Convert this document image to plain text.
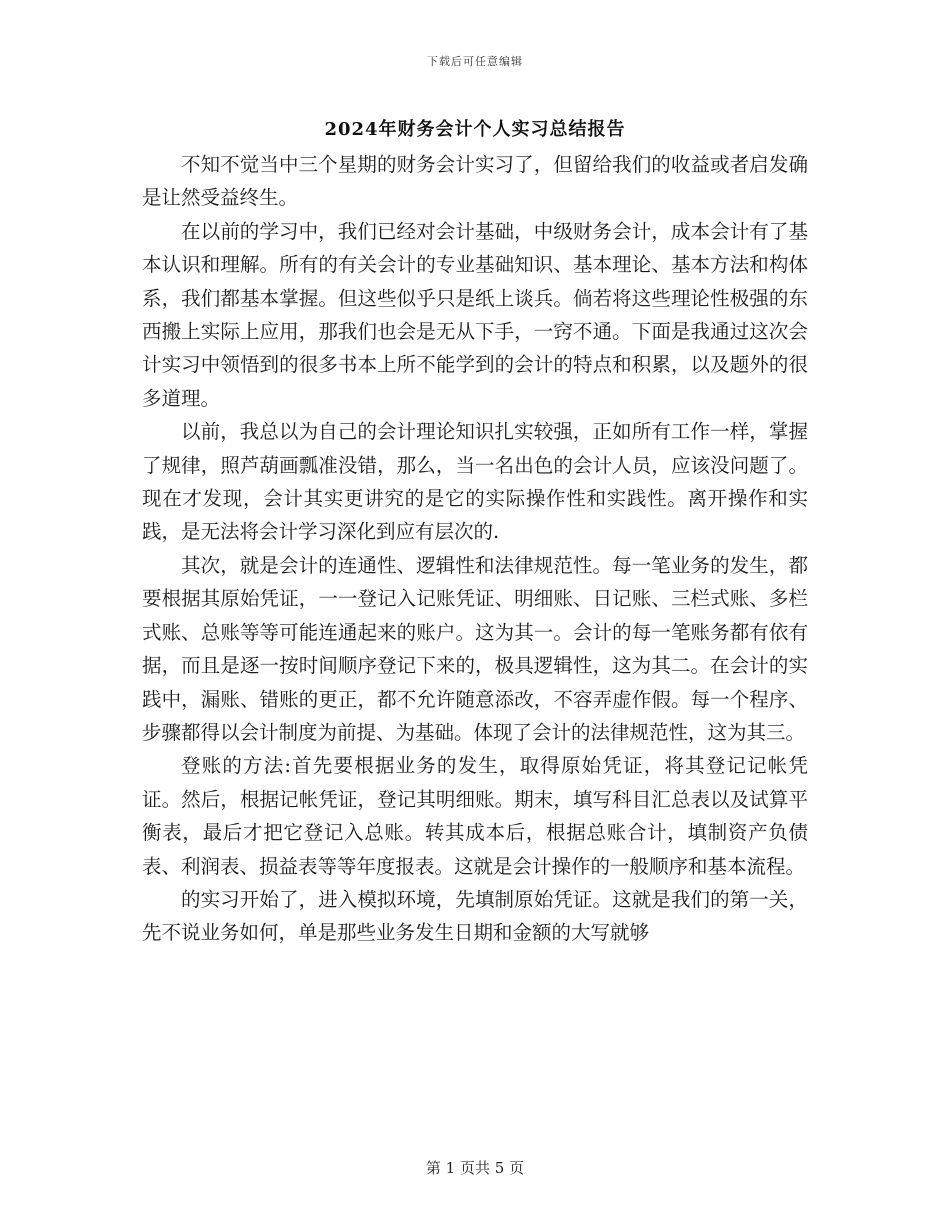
下载后可任意编辑
2024年财务会计个人实习总结报告

不知不觉当中三个星期的财务会计实习了，但留给我们的收益或者启发确是让然受益终生。

在以前的学习中，我们已经对会计基础，中级财务会计，成本会计有了基本认识和理解。所有的有关会计的专业基础知识、基本理论、基本方法和构体系，我们都基本掌握。但这些似乎只是纸上谈兵。倘若将这些理论性极强的东西搬上实际上应用，那我们也会是无从下手，一窍不通。下面是我通过这次会计实习中领悟到的很多书本上所不能学到的会计的特点和积累，以及题外的很多道理。

以前，我总以为自己的会计理论知识扎实较强，正如所有工作一样，掌握了规律，照芦葫画瓢准没错，那么，当一名出色的会计人员，应该没问题了。现在才发现，会计其实更讲究的是它的实际操作性和实践性。离开操作和实践，是无法将会计学习深化到应有层次的.

其次，就是会计的连通性、逻辑性和法律规范性。每一笔业务的发生，都要根据其原始凭证，一一登记入记账凭证、明细账、日记账、三栏式账、多栏式账、总账等等可能连通起来的账户。这为其一。会计的每一笔账务都有依有据，而且是逐一按时间顺序登记下来的，极具逻辑性，这为其二。在会计的实践中，漏账、错账的更正，都不允许随意添改，不容弄虚作假。每一个程序、步骤都得以会计制度为前提、为基础。体现了会计的法律规范性，这为其三。

登账的方法:首先要根据业务的发生，取得原始凭证，将其登记记帐凭证。然后，根据记帐凭证，登记其明细账。期末，填写科目汇总表以及试算平衡表，最后才把它登记入总账。转其成本后，根据总账合计，填制资产负债表、利润表、损益表等等年度报表。这就是会计操作的一般顺序和基本流程。

的实习开始了，进入模拟环境，先填制原始凭证。这就是我们的第一关，先不说业务如何，单是那些业务发生日期和金额的大写就够

第 1 页共 5 页
